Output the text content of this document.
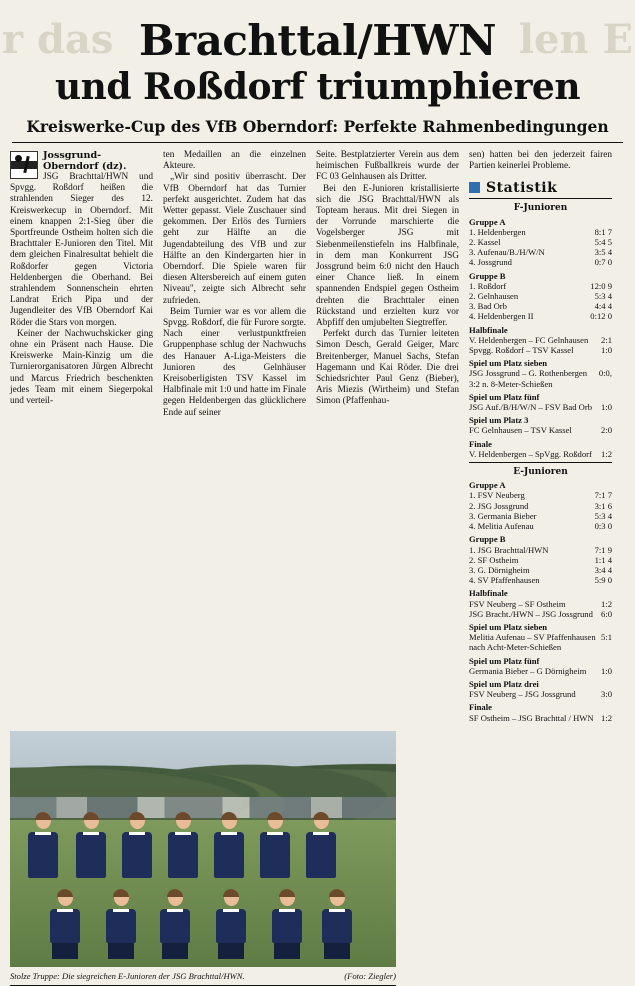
r das	len E
Brachttal/HWN
und Roßdorf triumphieren
Kreiswerke-Cup des VfB Oberndorf: Perfekte Rahmenbedingungen
Jossgrund-
Oberndorf (dz).

JSG Brachttal/HWN und Spvgg. Roßdorf heißen die strahlenden Sieger des 12. Kreiswerkecup in Oberndorf. Mit einem knappen 2:1-Sieg über die Sportfreunde Ostheim holten sich die Brachttaler E-Junioren den Titel. Mit dem gleichen Finalresultat behielt die Roßdorfer gegen Victoria Heldenbergen die Oberhand. Bei strahlendem Sonnenschein ehrten Landrat Erich Pipa und der Jugendleiter des VfB Oberndorf Kai Röder die Stars von morgen.

Keiner der Nachwuchskicker ging ohne ein Präsent nach Hause. Die Kreiswerke Main-Kinzig um die Turnierorganisatoren Jürgen Albrecht und Marcus Friedrich beschenkten jedes Team mit einem Siegerpokal und verteil-

ten Medaillen an die einzelnen Akteure.

„Wir sind positiv überrascht. Der VfB Oberndorf hat das Turnier perfekt ausgerichtet. Zudem hat das Wetter gepasst. Viele Zuschauer sind gekommen. Der Erlös des Turniers geht zur Hälfte an die Jugendabteilung des VfB und zur Hälfte an den Kindergarten hier in Oberndorf. Die Spiele waren für diesen Altersbereich auf einem guten Niveau", zeigte sich Albrecht sehr zufrieden.

Beim Turnier war es vor allem die Spvgg. Roßdorf, die für Furore sorgte. Nach einer verlustpunktfreien Gruppenphase schlug der Nachwuchs des Hanauer A-Liga-Meisters die Junioren des Gelnhäuser Kreisoberligisten TSV Kassel im Halbfinale mit 1:0 und hatte im Finale gegen Heldenbergen das glücklichere Ende auf seiner

Seite. Bestplatzierter Verein aus dem heimischen Fußballkreis wurde der FC 03 Gelnhausen als Dritter.

Bei den E-Junioren kristallisierte sich die JSG Brachttal/HWN als Topteam heraus. Mit drei Siegen in der Vorrunde marschierte die Vogelsberger JSG mit Siebenmeilenstiefeln ins Halbfinale, in dem man Konkurrent JSG Jossgrund beim 6:0 nicht den Hauch einer Chance ließ. In einem spannenden Endspiel gegen Ostheim drehten die Brachttaler einen Rückstand und erzielten kurz vor Abpfiff den umjubelten Siegtreffer.

Perfekt durch das Turnier leiteten Simon Desch, Gerald Geiger, Marc Breitenberger, Manuel Sachs, Stefan Hagemann und Kai Röder. Die drei Schiedsrichter Paul Genz (Bieber), Aris Miezis (Wirtheim) und Stefan Simon (Pfaffenhau-

sen) hatten bei den jederzeit fairen Partien keinerlei Probleme.

Statistik
F-Junioren
Gruppe A
1. Heldenbergen	8:1 7
2. Kassel	5:4 5
3. Aufenau/B./H/W/N	3:5 4
4. Jossgrund	0:7 0
Gruppe B
1. Roßdorf	12:0 9
2. Gelnhausen	5:3 4
3. Bad Orb	4:4 4
4. Heldenbergen II	0:12 0
Halbfinale
V. Heldenbergen – FC Gelnhausen	2:1
Spvgg. Roßdorf – TSV Kassel	1:0
Spiel um Platz sieben
JSG Jossgrund – G. Rothenbergen	0:0,
3:2 n. 8-Meter-Schießen
Spiel um Platz fünf
JSG Auf./B/H/W/N – FSV Bad Orb	1:0
Spiel um Platz 3
FC Gelnhausen – TSV Kassel	2:0
Finale
V. Heldenbergen – SpVgg. Roßdorf	1:2
E-Junioren
Gruppe A
1. FSV Neuberg	7:1 7
2. JSG Jossgrund	3:1 6
3. Germania Bieber	5:3 4
4. Melitia Aufenau	0:3 0
Gruppe B
1. JSG Brachttal/HWN	7:1 9
2. SF Ostheim	1:1 4
3. G. Dörnigheim	3:4 4
4. SV Pfaffenhausen	5:9 0
Halbfinale
FSV Neuberg – SF Ostheim	1:2
JSG Bracht./HWN – JSG Jossgrund 6:0
Spiel um Platz sieben
Melitia Aufenau – SV Pfaffenhausen 5:1
nach Acht-Meter-Schießen
Spiel um Platz fünf
Germania Bieber – G Dörnigheim	1:0
Spiel um Platz drei
FSV Neuberg – JSG Jossgrund	3:0
Finale
SF Ostheim – JSG Brachttal / HWN 1:2
Stolze Truppe: Die siegreichen E-Junioren der JSG Brachttal/HWN.	(Foto: Ziegler)
